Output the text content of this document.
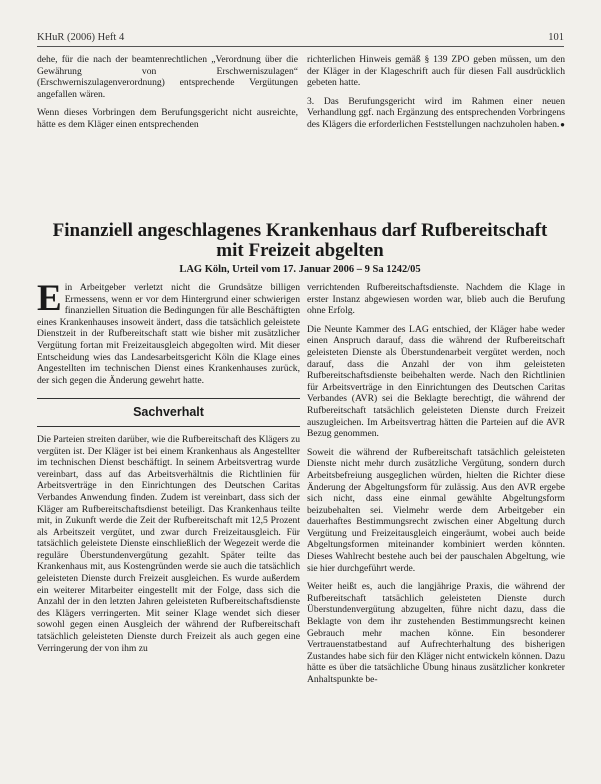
KHuR (2006) Heft 4	101

dehe, für die nach der beamtenrechtlichen „Verordnung über die Gewährung von Erschwerniszulagen“ (Erschwerniszulagenverordnung) entsprechende Vergütungen angefallen wären.

Wenn dieses Vorbringen dem Berufungsgericht nicht ausreichte, hätte es dem Kläger einen entsprechenden

richterlichen Hinweis gemäß § 139 ZPO geben müssen, um den der Kläger in der Klageschrift auch für diesen Fall ausdrücklich gebeten hatte.

3. Das Berufungsgericht wird im Rahmen einer neuen Verhandlung ggf. nach Ergänzung des entsprechenden Vorbringens des Klägers die erforderlichen Feststellungen nachzuholen haben. ●

Finanziell angeschlagenes Krankenhaus darf Rufbereitschaft mit Freizeit abgelten
LAG Köln, Urteil vom 17. Januar 2006 – 9 Sa 1242/05

Ein Arbeitgeber verletzt nicht die Grundsätze billigen Ermessens, wenn er vor dem Hintergrund einer schwierigen finanziellen Situation die Bedingungen für alle Beschäftigten eines Krankenhauses insoweit ändert, dass die tatsächlich geleistete Dienstzeit in der Rufbereitschaft statt wie bisher mit zusätzlicher Vergütung fortan mit Freizeitausgleich abgegolten wird. Mit dieser Entscheidung wies das Landesarbeitsgericht Köln die Klage eines Angestellten im technischen Dienst eines Krankenhauses zurück, der sich gegen die Änderung gewehrt hatte.

Sachverhalt

Die Parteien streiten darüber, wie die Rufbereitschaft des Klägers zu vergüten ist. Der Kläger ist bei einem Krankenhaus als Angestellter im technischen Dienst beschäftigt. In seinem Arbeitsvertrag wurde vereinbart, dass auf das Arbeitsverhältnis die Richtlinien für Arbeitsverträge in den Einrichtungen des Deutschen Caritas Verbandes Anwendung finden. Zudem ist vereinbart, dass sich der Kläger am Rufbereitschaftsdienst beteiligt. Das Krankenhaus teilte mit, in Zukunft werde die Zeit der Rufbereitschaft mit 12,5 Prozent als Arbeitszeit vergütet, und zwar durch Freizeitausgleich. Für tatsächlich geleistete Dienste einschließlich der Wegezeit werde die reguläre Überstundenvergütung gezahlt. Später teilte das Krankenhaus mit, aus Kostengründen werde sie auch die tatsächlich geleisteten Dienste durch Freizeit ausgleichen. Es wurde außerdem ein weiterer Mitarbeiter eingestellt mit der Folge, dass sich die Anzahl der in den letzten Jahren geleisteten Rufbereitschaftsdienste des Klägers verringerten. Mit seiner Klage wendet sich dieser sowohl gegen einen Ausgleich der während der Rufbereitschaft tatsächlich geleisteten Dienste durch Freizeit als auch gegen eine Verringerung der von ihm zu

verrichtenden Rufbereitschaftsdienste. Nachdem die Klage in erster Instanz abgewiesen worden war, blieb auch die Berufung ohne Erfolg.

Die Neunte Kammer des LAG entschied, der Kläger habe weder einen Anspruch darauf, dass die während der Rufbereitschaft geleisteten Dienste als Überstundenarbeit vergütet werden, noch darauf, dass die Anzahl der von ihm geleisteten Rufbereitschaftsdienste beibehalten werde. Nach den Richtlinien für Arbeitsverträge in den Einrichtungen des Deutschen Caritas Verbandes (AVR) sei die Beklagte berechtigt, die während der Rufbereitschaft tatsächlich geleisteten Dienste durch Freizeit auszugleichen. Im Arbeitsvertrag hätten die Parteien auf die AVR Bezug genommen.

Soweit die während der Rufbereitschaft tatsächlich geleisteten Dienste nicht mehr durch zusätzliche Vergütung, sondern durch Arbeitsbefreiung ausgeglichen würden, hielten die Richter diese Änderung der Abgeltungsform für zulässig. Aus den AVR ergebe sich nicht, dass eine einmal gewählte Abgeltungsform beizubehalten sei. Vielmehr werde dem Arbeitgeber ein dauerhaftes Bestimmungsrecht zwischen einer Abgeltung durch Vergütung und Freizeitausgleich eingeräumt, wobei auch beide Abgeltungsformen miteinander kombiniert werden könnten. Dieses Wahlrecht bestehe auch bei der pauschalen Abgeltung, wie sie hier durchgeführt werde.

Weiter heißt es, auch die langjährige Praxis, die während der Rufbereitschaft tatsächlich geleisteten Dienste durch Überstundenvergütung abzugelten, führe nicht dazu, dass die Beklagte von dem ihr zustehenden Bestimmungsrecht keinen Gebrauch mehr machen könne. Ein besonderer Vertrauenstatbestand auf Aufrechterhaltung des bisherigen Zustandes habe sich für den Kläger nicht entwickeln können. Dazu hätte es über die tatsächliche Übung hinaus zusätzlicher konkreter Anhaltspunkte be-
